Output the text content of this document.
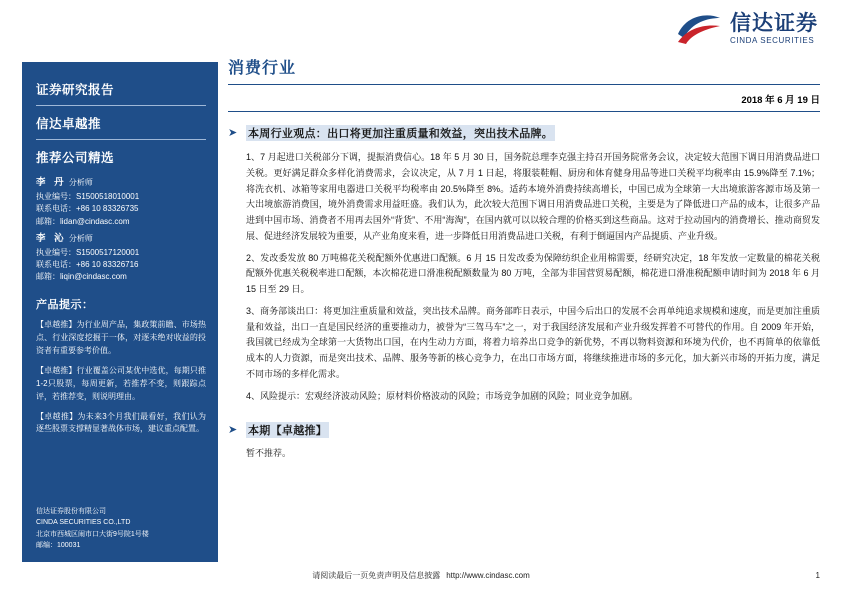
信达证券
CINDA SECURITIES
证券研究报告
信达卓越推
推荐公司精选
李 丹 分析师
执业编号：S1500518010001
联系电话：+86 10 83326735
邮箱：lidan@cindasc.com
李 沁 分析师
执业编号：S1500517120001
联系电话：+86 10 83326716
邮箱：liqin@cindasc.com
产品提示：
【卓越推】为行业周产品，集政策前瞻、市场热点、行业深度挖掘于一体，对逐未绝对收益的投资者有重要参考价值。
【卓越推】行业覆盖公司某优中选优，每期只推1-2只股票，每周更新，若推荐不变，则跟踪点评，若推荐变，则说明理由。
【卓越推】为未来3个月我们最看好，我们认为逐些股票支撑精显著战体市场，建议重点配置。
信达证券股份有限公司
CINDA SECURITIES CO.,LTD
北京市西城区闹市口大街9号院1号楼
邮编：100031
消费行业
2018 年 6 月 19 日
➤ 本周行业观点：出口将更加注重质量和效益，突出技术品牌。
1、7 月起进口关税部分下调，提振消费信心。18 年 5 月 30 日，国务院总理李克强主持召开国务院常务会议，决定较大范围下调日用消费品进口关税。更好满足群众多样化消费需求，会议决定，从 7 月 1 日起，将服装鞋帽、厨房和体育健身用品等进口关税平均税率由 15.9%降至 7.1%；将洗衣机、冰箱等家用电器进口关税平均税率由 20.5%降至 8%。适药本境外消费持续高增长，中国已成为全球第一大出境旅游客源市场及第一大出境旅游消费国，境外消费需求用益旺盛。我们认为，此次较大范围下调日用消费品进口关税，主要是为了降低进口产品的成本，让很多产品进到中国市场、消费者不用再去国外“背货”、不用“海淘”，在国内就可以以较合理的价格买到这些商品。这对于拉动国内的消费增长、推动商贸发展、促进经济发展较为重要，从产业角度来看，进一步降低日用消费品进口关税，有利于倒逼国内产品提质、产业升级。
2、发改委发放 80 万吨棉花关税配额外优惠进口配额。6 月 15 日发改委为保障纺织企业用棉需要，经研究决定，18 年发放一定数量的棉花关税配额外优惠关税税率进口配额，本次棉花进口滑准税配额数量为 80 万吨，全部为非国营贸易配额，棉花进口滑准税配额申请时间为 2018 年 6 月 15 日至 29 日。
3、商务部谈出口：将更加注重质量和效益，突出技术品牌。商务部昨日表示，中国今后出口的发展不会再单纯追求规模和速度，而是更加注重质量和效益，出口一直是国民经济的重要推动力，被誉为“三驾马车”之一，对于我国经济发展和产业升级发挥着不可替代的作用。自 2009 年开始，我国就已经成为全球第一大货物出口国，在内生动力方面，将着力培养出口竞争的新优势，不再以物料资源和环境为代价，也不再简单的依靠低成本的人力资源，而是突出技术、品牌、服务等新的核心竞争力，在出口市场方面，将继续推进市场的多元化，加大新兴市场的开拓力度，满足不同市场的多样化需求。
4、风险提示：宏观经济波动风险；原材料价格波动的风险；市场竞争加剧的风险；同业竞争加剧。
➤ 本期【卓越推】
暂不推荐。
请阅读最后一页免责声明及信息披露 http://www.cindasc.com	1
